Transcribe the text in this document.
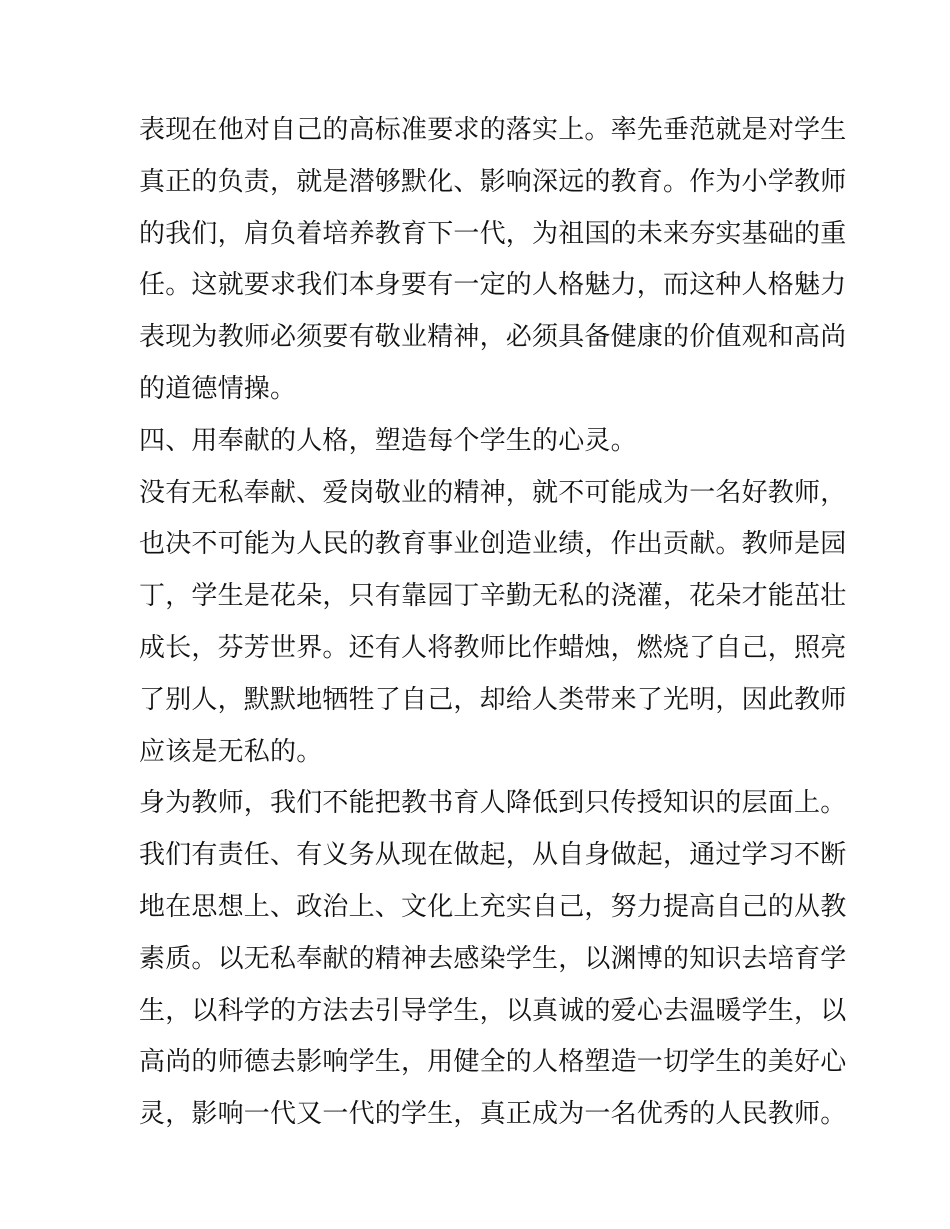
表现在他对自己的高标准要求的落实上。率先垂范就是对学生
真正的负责，就是潜够默化、影响深远的教育。作为小学教师
的我们，肩负着培养教育下一代，为祖国的未来夯实基础的重
任。这就要求我们本身要有一定的人格魅力，而这种人格魅力
表现为教师必须要有敬业精神，必须具备健康的价值观和高尚
的道德情操。
四、用奉献的人格，塑造每个学生的心灵。
没有无私奉献、爱岗敬业的精神，就不可能成为一名好教师，
也决不可能为人民的教育事业创造业绩，作出贡献。教师是园
丁，学生是花朵，只有靠园丁辛勤无私的浇灌，花朵才能茁壮
成长，芬芳世界。还有人将教师比作蜡烛，燃烧了自己，照亮
了别人，默默地牺牲了自己，却给人类带来了光明，因此教师
应该是无私的。
身为教师，我们不能把教书育人降低到只传授知识的层面上。
我们有责任、有义务从现在做起，从自身做起，通过学习不断
地在思想上、政治上、文化上充实自己，努力提高自己的从教
素质。以无私奉献的精神去感染学生，以渊博的知识去培育学
生，以科学的方法去引导学生，以真诚的爱心去温暖学生，以
高尚的师德去影响学生，用健全的人格塑造一切学生的美好心
灵，影响一代又一代的学生，真正成为一名优秀的人民教师。
